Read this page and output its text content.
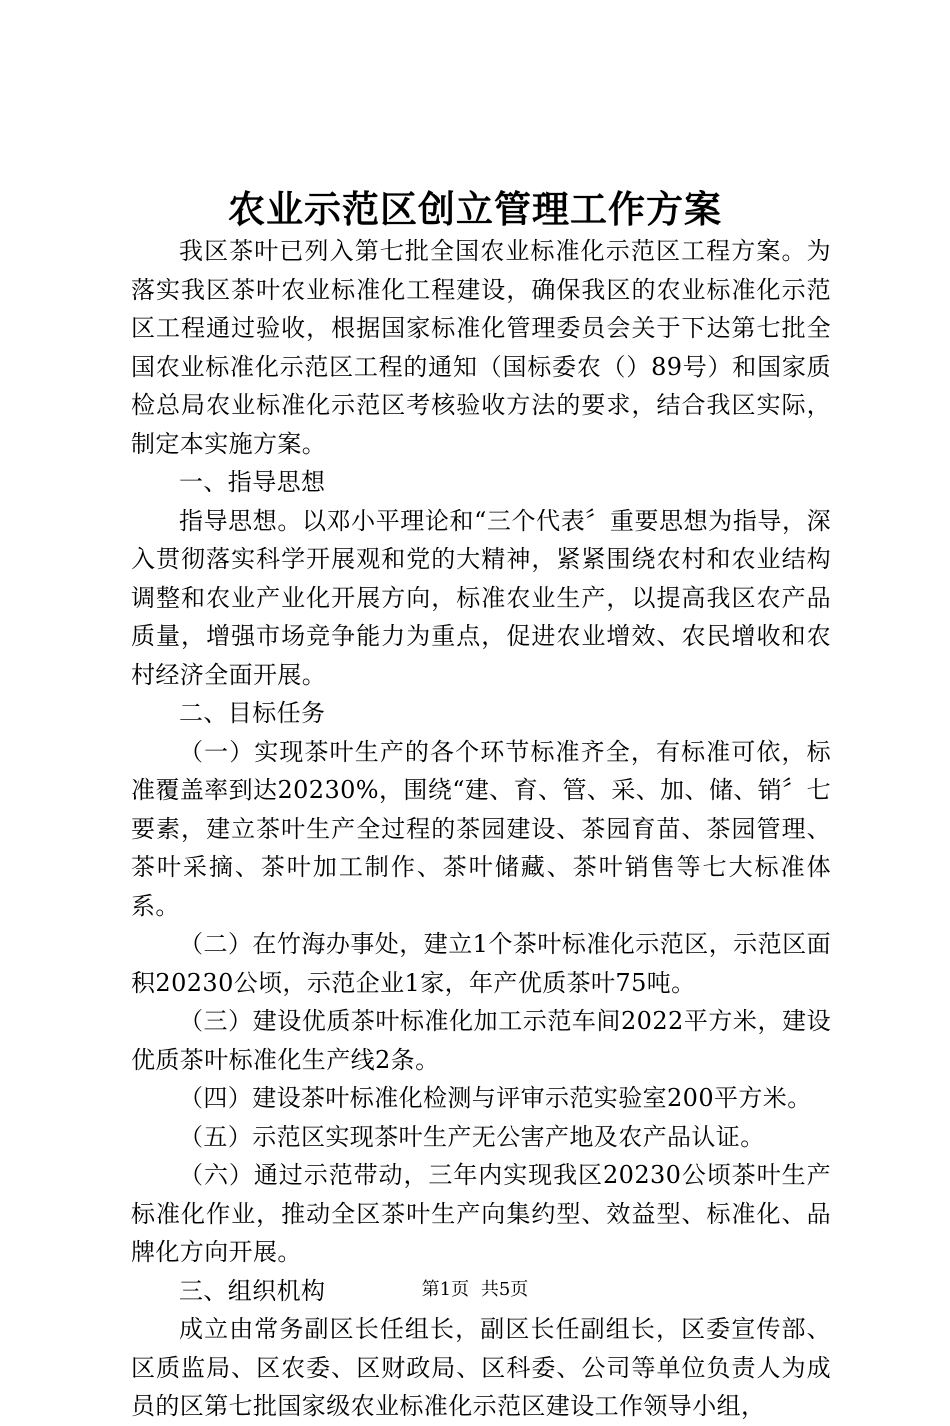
农业示范区创立管理工作方案

我区茶叶已列入第七批全国农业标准化示范区工程方案。为落实我区茶叶农业标准化工程建设，确保我区的农业标准化示范区工程通过验收，根据国家标准化管理委员会关于下达第七批全国农业标准化示范区工程的通知（国标委农（）89号）和国家质检总局农业标准化示范区考核验收方法的要求，结合我区实际，制定本实施方案。

一、指导思想

指导思想。以邓小平理论和“三个代表〞重要思想为指导，深入贯彻落实科学开展观和党的大精神，紧紧围绕农村和农业结构调整和农业产业化开展方向，标准农业生产，以提高我区农产品质量，增强市场竞争能力为重点，促进农业增效、农民增收和农村经济全面开展。

二、目标任务

（一）实现茶叶生产的各个环节标准齐全，有标准可依，标准覆盖率到达20230%，围绕“建、育、管、采、加、储、销〞七要素，建立茶叶生产全过程的茶园建设、茶园育苗、茶园管理、茶叶采摘、茶叶加工制作、茶叶储藏、茶叶销售等七大标准体系。

（二）在竹海办事处，建立1个茶叶标准化示范区，示范区面积20230公顷，示范企业1家，年产优质茶叶75吨。

（三）建设优质茶叶标准化加工示范车间2022平方米，建设优质茶叶标准化生产线2条。

（四）建设茶叶标准化检测与评审示范实验室200平方米。

（五）示范区实现茶叶生产无公害产地及农产品认证。

（六）通过示范带动，三年内实现我区20230公顷茶叶生产标准化作业，推动全区茶叶生产向集约型、效益型、标准化、品牌化方向开展。

三、组织机构

成立由常务副区长任组长，副区长任副组长，区委宣传部、区质监局、区农委、区财政局、区科委、公司等单位负责人为成员的区第七批国家级农业标准化示范区建设工作领导小组，

第1页 共5页
